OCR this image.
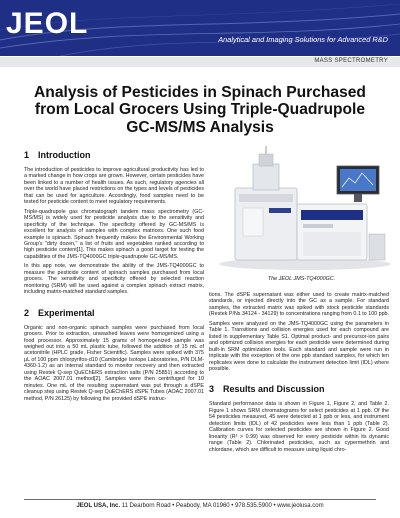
JEOL	Analytical and Imaging Solutions for Advanced R&D
MASS SPECTROMETRY
Analysis of Pesticides in Spinach Purchased
from Local Grocers Using Triple-Quadrupole
GC-MS/MS Analysis
1 Introduction

The introduction of pesticides to improve agricultural productivity has led to a marked change in how crops are grown. However, certain pesticides have been linked to a number of health issues. As such, regulatory agencies all over the world have placed restrictions on the types and levels of pesticides that can be used for agriculture. Accordingly, food samples need to be tested for pesticide content to meet regulatory requirements.

Triple-quadrupole gas chromatograph tandem mass spectrometry (GC-MS/MS) is widely used for pesticide analysis due to the sensitivity and specificity of the technique. The specificity offered by GC-MS/MS is excellent for analysis of samples with complex matrices. One such food example is spinach. Spinach frequently makes the Environmental Working Group's "dirty dozen," a list of fruits and vegetables ranked according to high pesticide content[1]. This makes spinach a good target for testing the capabilities of the JMS-TQ4000GC triple-quadrupole GC-MS/MS.

In this app note, we demonstrate the ability of the JMS-TQ4000GC to measure the pesticide content of spinach samples purchased from local grocers. The sensitivity and specificity offered by selected reaction monitoring (SRM) will be used against a complex spinach extract matrix, including matrix-matched standard samples.

2 Experimental

Organic and non-organic spinach samples were purchased from local grocers. Prior to extraction, unwashed leaves were homogenized using a food processor. Approximately 15 grams of homogenized sample was weighed out into a 50 mL plastic tube, followed the addition of 15 mL of acetonitrile (HPLC grade, Fisher Scientific). Samples were spiked with 375 μL of 100 ppm chlorpyrifos-d10 (Cambridge Isotope Laboratories, P/N DLM-4360-1.2) as an internal standard to monitor recovery and then extracted using Restek Q-sep QuEChERS extraction salts (P/N 25851) according to the AOAC 2007.01 method[2]. Samples were then centrifuged for 10 minutes. One mL of the resulting supernatant was put through a dSPE cleanup step using Restek Q-sep QuEChERS dSPE Tubes (AOAC 2007.01 method, P/N 26125) by following the provided dSPE instruc-

The JEOL JMS-TQ4000GC.

tions. The dSPE supernatant was either used to create matrix-matched standards, or injected directly into the GC as a sample. For standard samples, the extracted matrix was spiked with stock pesticide standards (Restek P/Ns 34124 - 34129) to concentrations ranging from 0.1 to 100 ppb.

Samples were analyzed on the JMS-TQ4000GC using the parameters in Table 1. Transitions and collision energies used for each compound are listed in supplementary Table S1. Optimal product- and precursor-ion pairs and optimized collision energies for each pesticide were determined during built-in SRM optimization tools. Each standard and sample were run in triplicate with the exception of the one ppb standard samples, for which ten replicates were done to calculate the instrument detection limit (IDL) where possible.

3 Results and Discussion

Standard performance data is shown in Figure 1, Figure 2, and Table 2. Figure 1 shows SRM chromatograms for select pesticides at 1 ppb. Of the 54 pesticides measured, 45 were detected at 1 ppb or less, and instrument detection limits (IDL) of 42 pesticides were less than 1 ppb (Table 2). Calibration curves for selected pesticides are shown in Figure 2. Good linearity (R² > 0.99) was observed for every pesticide within its dynamic range (Table 2). Chlorinated pesticides, such as cypermethrin and chlordane, which are difficult to measure using liquid chro-

JEOL USA, Inc. 11 Dearborn Road • Peabody, MA 01960 • 978.535.5900 • www.jeolusa.com
